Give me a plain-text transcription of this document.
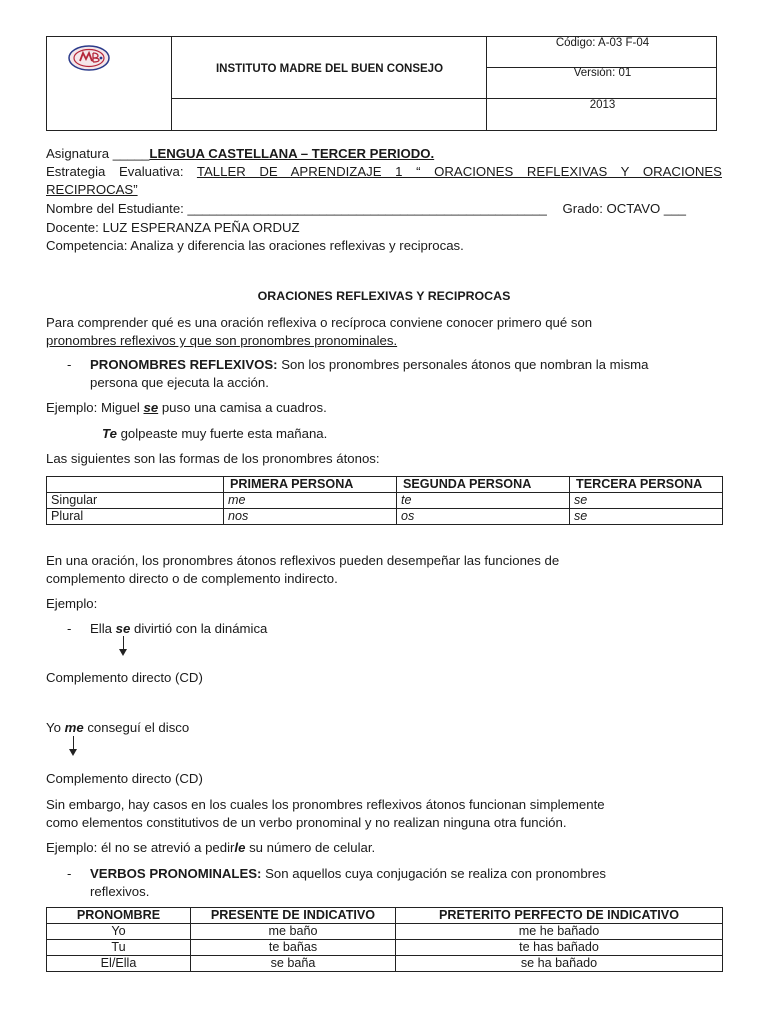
INSTITUTO MADRE DEL BUEN CONSEJO
Código: A-03 F-04
Versión: 01
2013
Asignatura _____LENGUA CASTELLANA – TERCER PERIODO.
Estrategia Evaluativa: TALLER DE APRENDIZAJE 1 “ ORACIONES REFLEXIVAS Y ORACIONES
RECIPROCAS”
Nombre del Estudiante: _________________________________________________ Grado: OCTAVO ___
Docente: LUZ ESPERANZA PEÑA ORDUZ
Competencia: Analiza y diferencia las oraciones reflexivas y reciprocas.
ORACIONES REFLEXIVAS Y RECIPROCAS
Para comprender qué es una oración reflexiva o recíproca conviene conocer primero qué son
pronombres reflexivos y que son pronombres pronominales.
- PRONOMBRES REFLEXIVOS: Son los pronombres personales átonos que nombran la misma
persona que ejecuta la acción.
Ejemplo: Miguel se puso una camisa a cuadros.
Te golpeaste muy fuerte esta mañana.
Las siguientes son las formas de los pronombres átonos:
	PRIMERA PERSONA	SEGUNDA PERSONA	TERCERA PERSONA
Singular	me	te	se
Plural	nos	os	se
En una oración, los pronombres átonos reflexivos pueden desempeñar las funciones de
complemento directo o de complemento indirecto.
Ejemplo:
- Ella se divirtió con la dinámica
Complemento directo (CD)
Yo me conseguí el disco
Complemento directo (CD)
Sin embargo, hay casos en los cuales los pronombres reflexivos átonos funcionan simplemente
como elementos constitutivos de un verbo pronominal y no realizan ninguna otra función.
Ejemplo: él no se atrevió a pedirle su número de celular.
- VERBOS PRONOMINALES: Son aquellos cuya conjugación se realiza con pronombres
reflexivos.
PRONOMBRE	PRESENTE DE INDICATIVO	PRETERITO PERFECTO DE INDICATIVO
Yo	me baño	me he bañado
Tu	te bañas	te has bañado
El/Ella	se baña	se ha bañado
